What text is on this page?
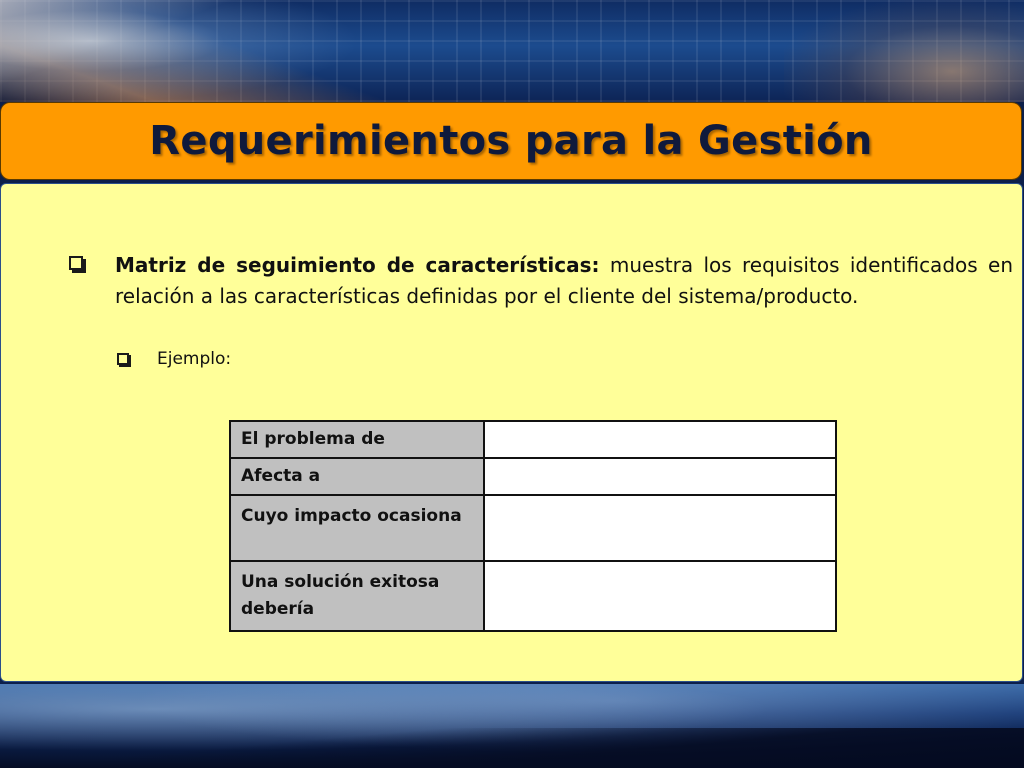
Requerimientos para la Gestión
Matriz de seguimiento de características: muestra los requisitos identificados en relación a las características definidas por el cliente del sistema/producto.
Ejemplo:
El problema de	
Afecta a	
Cuyo impacto ocasiona	
Una solución exitosa debería	
